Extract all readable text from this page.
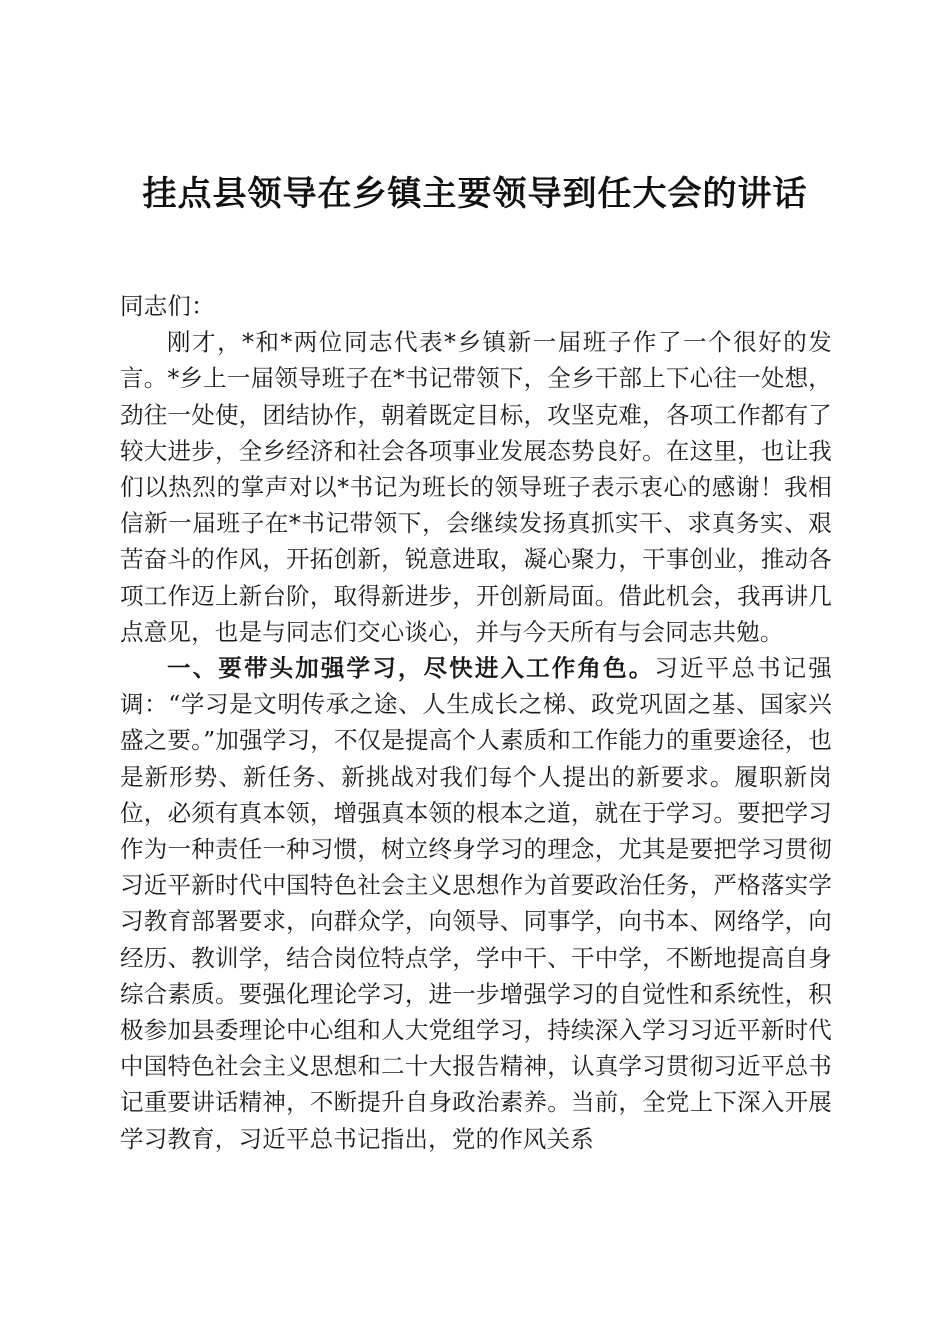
挂点县领导在乡镇主要领导到任大会的讲话

同志们：

刚才，*和*两位同志代表*乡镇新一届班子作了一个很好的发言。*乡上一届领导班子在*书记带领下，全乡干部上下心往一处想，劲往一处使，团结协作，朝着既定目标，攻坚克难，各项工作都有了较大进步，全乡经济和社会各项事业发展态势良好。在这里，也让我们以热烈的掌声对以*书记为班长的领导班子表示衷心的感谢！我相信新一届班子在*书记带领下，会继续发扬真抓实干、求真务实、艰苦奋斗的作风，开拓创新，锐意进取，凝心聚力，干事创业，推动各项工作迈上新台阶，取得新进步，开创新局面。借此机会，我再讲几点意见，也是与同志们交心谈心，并与今天所有与会同志共勉。

一、要带头加强学习，尽快进入工作角色。习近平总书记强调：“学习是文明传承之途、人生成长之梯、政党巩固之基、国家兴盛之要。”加强学习，不仅是提高个人素质和工作能力的重要途径，也是新形势、新任务、新挑战对我们每个人提出的新要求。履职新岗位，必须有真本领，增强真本领的根本之道，就在于学习。要把学习作为一种责任一种习惯，树立终身学习的理念，尤其是要把学习贯彻习近平新时代中国特色社会主义思想作为首要政治任务，严格落实学习教育部署要求，向群众学，向领导、同事学，向书本、网络学，向经历、教训学，结合岗位特点学，学中干、干中学，不断地提高自身综合素质。要强化理论学习，进一步增强学习的自觉性和系统性，积极参加县委理论中心组和人大党组学习，持续深入学习习近平新时代中国特色社会主义思想和二十大报告精神，认真学习贯彻习近平总书记重要讲话精神，不断提升自身政治素养。当前，全党上下深入开展学习教育，习近平总书记指出，党的作风关系
